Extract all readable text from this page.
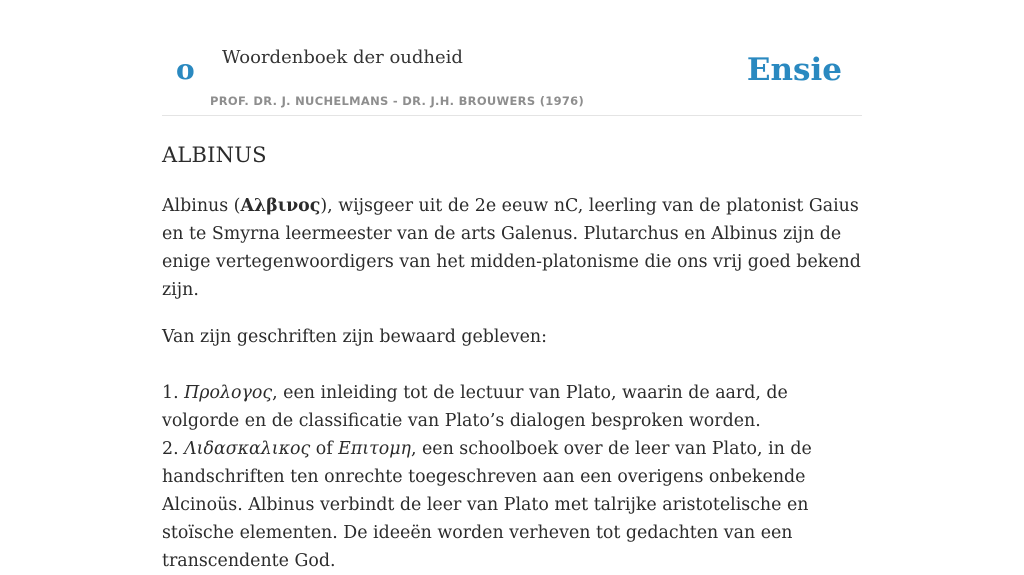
o Woordenboek der oudheid
PROF. DR. J. NUCHELMANS - DR. J.H. BROUWERS (1976)
Ensie
ALBINUS

Albinus (Αλβινος), wijsgeer uit de 2e eeuw nC, leerling van de platonist Gaius en te Smyrna leermeester van de arts Galenus. Plutarchus en Albinus zijn de enige vertegenwoordigers van het midden-platonisme die ons vrij goed bekend zijn.

Van zijn geschriften zijn bewaard gebleven:

1. Προλογος, een inleiding tot de lectuur van Plato, waarin de aard, de volgorde en de classificatie van Plato’s dialogen besproken worden.

2. Λιδασκαλικος of Επιτομη, een schoolboek over de leer van Plato, in de handschriften ten onrechte toegeschreven aan een overigens onbekende Alcinoüs. Albinus verbindt de leer van Plato met talrijke aristotelische en stoïsche elementen. De ideeën worden verheven tot gedachten van een transcendente God.
